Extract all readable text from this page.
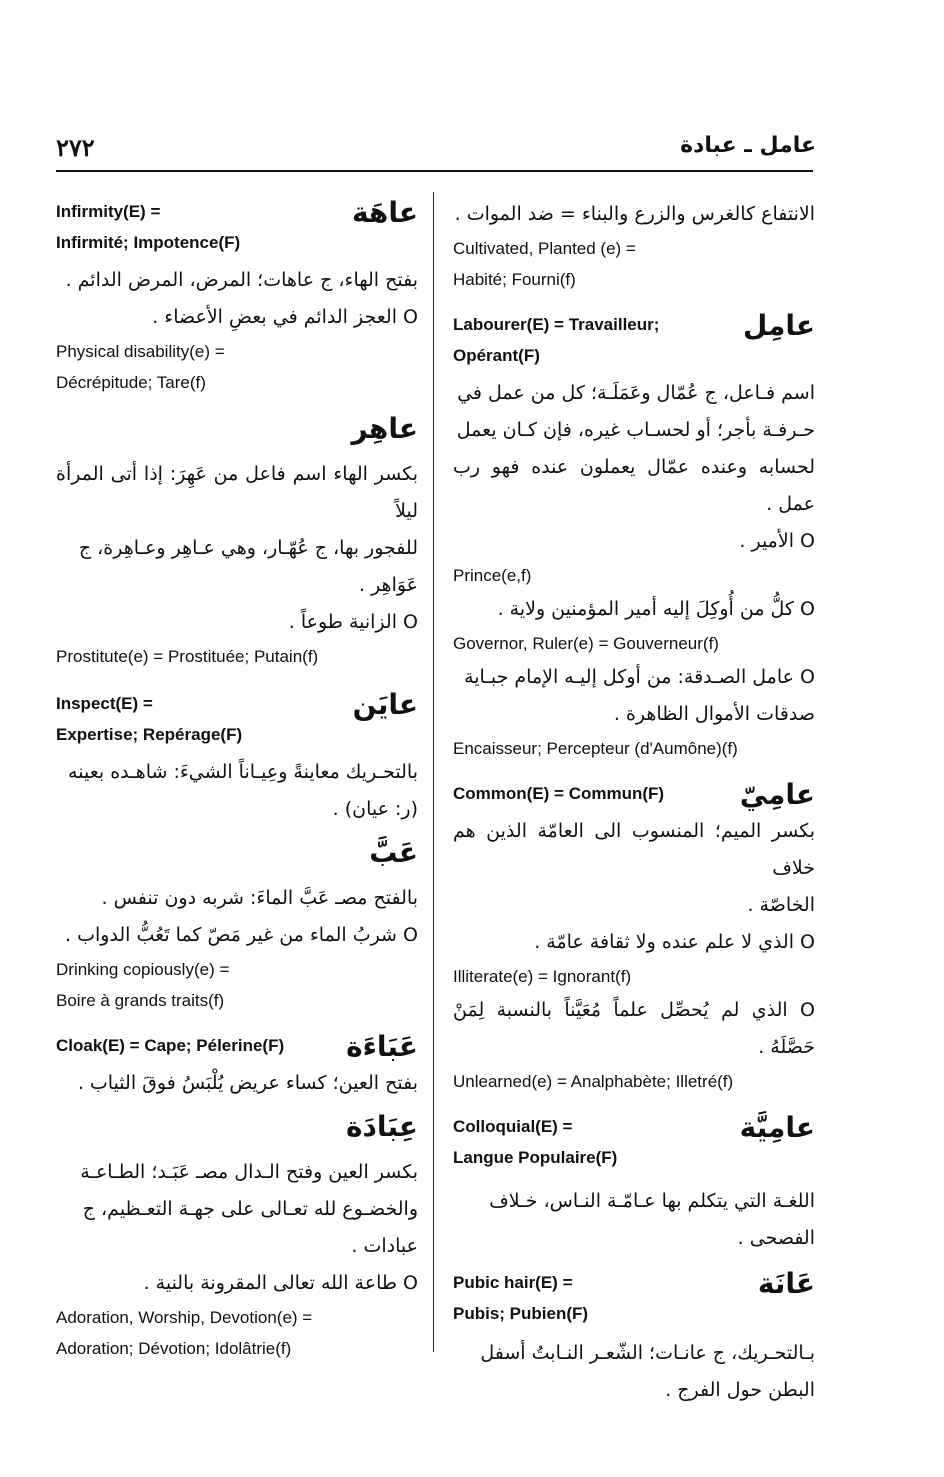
٢٧٢	عامل ـ عبادة
عاهَة
Infirmity(E) =
Infirmité; Impotence(F)
بفتح الهاء، ج عاهات؛ المرض، المرض الدائم .
O العجز الدائم في بعضِ الأعضاء .
Physical disability(e) =
Décrépitude; Tare(f)
عاهِر
بكسر الهاء اسم فاعل من عَهِرَ: إذا أتى المرأة ليلاً
للفجور بها، ج عُهّـار، وهي عـاهِر وعـاهِرة، ج
عَوَاهِر .
O الزانية طوعاً .
Prostitute(e) = Prostituée; Putain(f)
عايَن
Inspect(E) =
Expertise; Repérage(F)
بالتحـريك معاينةً وعِيـاناً الشيءَ: شاهـده بعينه
(ر: عيان) .
عَبَّ
بالفتح مصـ عَبَّ الماءَ: شربه دون تنفس .
O شربُ الماء من غير مَصّ كما تَعُبُّ الدواب .
Drinking copiously(e) =
Boire à grands traits(f)
عَبَاءَة
Cloak(E) = Cape; Pélerine(F)
بفتح العين؛ كساء عريض يُلْبَسُ فوقَ الثياب .
عِبَادَة
بكسر العين وفتح الـدال مصـ عَبَـد؛ الطـاعـة
والخضـوع لله تعـالى على جهـة التعـظيم، ج
عبادات .
O طاعة الله تعالى المقرونة بالنية .
Adoration, Worship, Devotion(e) =
Adoration; Dévotion; Idolâtrie(f)
الانتفاع كالغرس والزرع والبناء = ضد الموات .
Cultivated, Planted (e) =
Habité; Fourni(f)
عامِل
Labourer(E) = Travailleur;
Opérant(F)
اسم فـاعل، ج عُمّال وعَمَلَـة؛ كل من عمل في
حـرفـة بأجر؛ أو لحسـاب غيره، فإن كـان يعمل
لحسابه وعنده عمّال يعملون عنده فهو رب عمل .
O الأمير .
Prince(e,f)
O كلُّ من أُوكِلَ إليه أمير المؤمنين ولاية .
Governor, Ruler(e) = Gouverneur(f)
O عامل الصـدقة: من أوكل إليـه الإمام جبـاية
صدقات الأموال الظاهرة .
Encaisseur; Percepteur (d'Aumône)(f)
عامِيّ
Common(E) = Commun(F)
بكسر الميم؛ المنسوب الى العامّة الذين هم خلاف
الخاصّة .
O الذي لا علم عنده ولا ثقافة عامّة .
Illiterate(e) = Ignorant(f)
O الذي لم يُحصِّل علماً مُعَيَّناً بالنسبة لِمَنْ حَصَّلَهُ .
Unlearned(e) = Analphabète; Illetré(f)
عامِيَّة
Colloquial(E) =
Langue Populaire(F)
اللغـة التي يتكلم بها عـامّـة النـاس، خـلاف
الفصحى .
عَانَة
Pubic hair(E) =
Pubis; Pubien(F)
بـالتحـريك، ج عانـات؛ الشّعـر النـابتُ أسفل
البطن حول الفرج .
